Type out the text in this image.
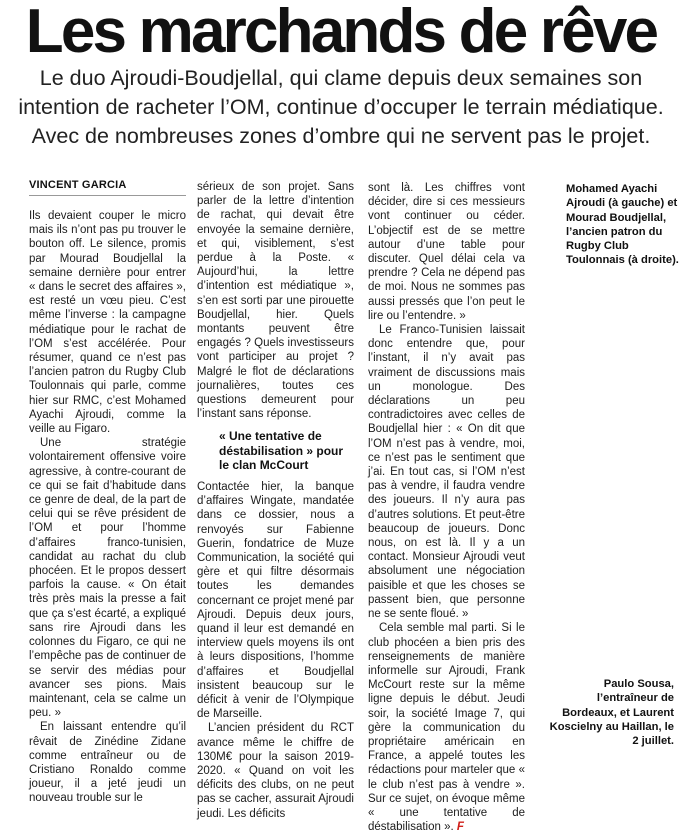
Les marchands de rêve
Le duo Ajroudi-Boudjellal, qui clame depuis deux semaines son intention de racheter l’OM, continue d’occuper le terrain médiatique. Avec de nombreuses zones d’ombre qui ne servent pas le projet.
VINCENT GARCIA

Ils devaient couper le micro mais ils n’ont pas pu trouver le bouton off. Le silence, promis par Mourad Boudjellal la semaine dernière pour entrer « dans le secret des affaires », est resté un vœu pieu. C’est même l’inverse : la campagne médiatique pour le rachat de l’OM s’est accélérée. Pour résumer, quand ce n’est pas l’ancien patron du Rugby Club Toulonnais qui parle, comme hier sur RMC, c’est Mohamed Ayachi Ajroudi, comme la veille au Figaro.

Une stratégie volontairement offensive voire agressive, à contre-courant de ce qui se fait d’habitude dans ce genre de deal, de la part de celui qui se rêve président de l’OM et pour l’homme d’affaires franco-tunisien, candidat au rachat du club phocéen. Et le propos dessert parfois la cause. « On était très près mais la presse a fait que ça s’est écarté, a expliqué sans rire Ajroudi dans les colonnes du Figaro, ce qui ne l’empêche pas de continuer de se servir des médias pour avancer ses pions. Mais maintenant, cela se calme un peu. »

En laissant entendre qu’il rêvait de Zinédine Zidane comme entraîneur ou de Cristiano Ronaldo comme joueur, il a jeté jeudi un nouveau trouble sur le

sérieux de son projet. Sans parler de la lettre d’intention de rachat, qui devait être envoyée la semaine dernière, et qui, visiblement, s’est perdue à la Poste. « Aujourd’hui, la lettre d’intention est médiatique », s’en est sorti par une pirouette Boudjellal, hier. Quels montants peuvent être engagés ? Quels investisseurs vont participer au projet ? Malgré le flot de déclarations journalières, toutes ces questions demeurent pour l’instant sans réponse.

« Une tentative de déstabilisation » pour le clan McCourt

Contactée hier, la banque d’affaires Wingate, mandatée dans ce dossier, nous a renvoyés sur Fabienne Guerin, fondatrice de Muze Communication, la société qui gère et qui filtre désormais toutes les demandes concernant ce projet mené par Ajroudi. Depuis deux jours, quand il leur est demandé en interview quels moyens ils ont à leurs dispositions, l’homme d’affaires et Boudjellal insistent beaucoup sur le déficit à venir de l’Olympique de Marseille.

L’ancien président du RCT avance même le chiffre de 130M€ pour la saison 2019-2020. « Quand on voit les déficits des clubs, on ne peut pas se cacher, assurait Ajroudi jeudi. Les déficits

sont là. Les chiffres vont décider, dire si ces messieurs vont continuer ou céder. L’objectif est de se mettre autour d’une table pour discuter. Quel délai cela va prendre ? Cela ne dépend pas de moi. Nous ne sommes pas aussi pressés que l’on peut le lire ou l’entendre. »

Le Franco-Tunisien laissait donc entendre que, pour l’instant, il n’y avait pas vraiment de discussions mais un monologue. Des déclarations un peu contradictoires avec celles de Boudjellal hier : « On dit que l’OM n’est pas à vendre, moi, ce n’est pas le sentiment que j’ai. En tout cas, si l’OM n’est pas à vendre, il faudra vendre des joueurs. Il n’y aura pas d’autres solutions. Et peut-être beaucoup de joueurs. Donc nous, on est là. Il y a un contact. Monsieur Ajroudi veut absolument une négociation paisible et que les choses se passent bien, que personne ne se sente floué. »

Cela semble mal parti. Si le club phocéen a bien pris des renseignements de manière informelle sur Ajroudi, Frank McCourt reste sur la même ligne depuis le début. Jeudi soir, la société Image 7, qui gère la communication du propriétaire américain en France, a appelé toutes les rédactions pour marteler que « le club n’est pas à vendre ». Sur ce sujet, on évoque même « une tentative de déstabilisation ». F

Mohamed Ayachi Ajroudi (à gauche) et Mourad Boudjellal, l’ancien patron du Rugby Club Toulonnais (à droite).
Paulo Sousa, l’entraîneur de Bordeaux, et Laurent Koscielny au Haillan, le 2 juillet.
